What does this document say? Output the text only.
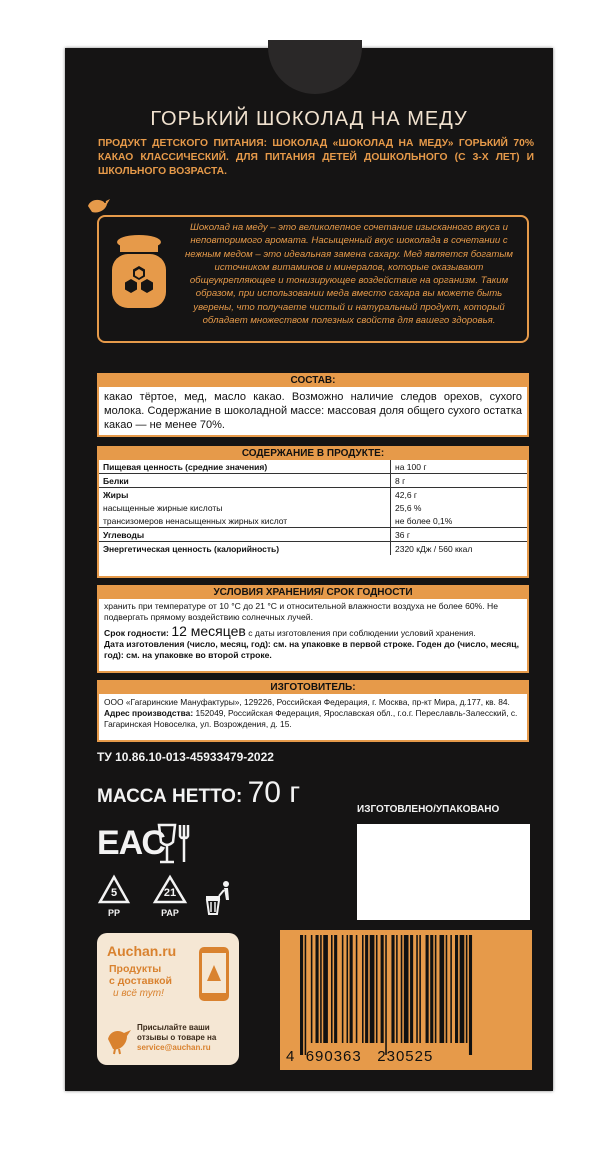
ГОРЬКИЙ ШОКОЛАД НА МЕДУ
ПРОДУКТ ДЕТСКОГО ПИТАНИЯ: ШОКОЛАД «ШОКОЛАД НА МЕДУ» ГОРЬКИЙ 70% КАКАО КЛАССИЧЕСКИЙ. ДЛЯ ПИТАНИЯ ДЕТЕЙ ДОШКОЛЬНОГО (С 3-Х ЛЕТ) И ШКОЛЬНОГО ВОЗРАСТА.
Шоколад на меду – это великолепное сочетание изысканного вкуса и неповторимого аромата. Насыщенный вкус шоколада в сочетании с нежным медом – это идеальная замена сахару. Мед является богатым источником витаминов и минералов, которые оказывают общеукрепляющее и тонизирующее воздействие на организм. Таким образом, при использовании меда вместо сахара вы можете быть уверены, что получаете чистый и натуральный продукт, который обладает множеством полезных свойств для вашего здоровья.
СОСТАВ:
какао тёртое, мед, масло какао. Возможно наличие следов орехов, сухого молока. Содержание в шоколадной массе: массовая доля общего сухого остатка какао — не менее 70%.
СОДЕРЖАНИЕ В ПРОДУКТЕ:
Пищевая ценность (средние значения)	на 100 г
Белки	8 г
Жиры	42,6 г
насыщенные жирные кислоты	25,6 %
трансизомеров ненасыщенных жирных кислот	не более 0,1%
Углеводы	36 г
Энергетическая ценность (калорийность)	2320 кДж / 560 ккал
УСЛОВИЯ ХРАНЕНИЯ/ СРОК ГОДНОСТИ
хранить при температуре от 10 °С до 21 °С и относительной влажности воздуха не более 60%. Не подвергать прямому воздействию солнечных лучей.
Срок годности: 12 месяцев с даты изготовления при соблюдении условий хранения.
Дата изготовления (число, месяц, год): см. на упаковке в первой строке. Годен до (число, месяц, год): см. на упаковке во второй строке.
ИЗГОТОВИТЕЛЬ:
ООО «Гагаринские Мануфактуры», 129226, Российская Федерация, г. Москва, пр-кт Мира, д.177, кв. 84.
Адрес производства: 152049, Российская Федерация, Ярославская обл., г.о.г. Переславль-Залесский, с. Гагаринская Новоселка, ул. Возрождения, д. 15.
ТУ 10.86.10-013-45933479-2022
МАССА НЕТТО: 70 г
ИЗГОТОВЛЕНО/УПАКОВАНО
ЕАС
5
PP
21
PAP
Auchan.ru
Продукты
с доставкой
и всё тут!
Присылайте ваши отзывы о товаре на service@auchan.ru
4 690363 230525
